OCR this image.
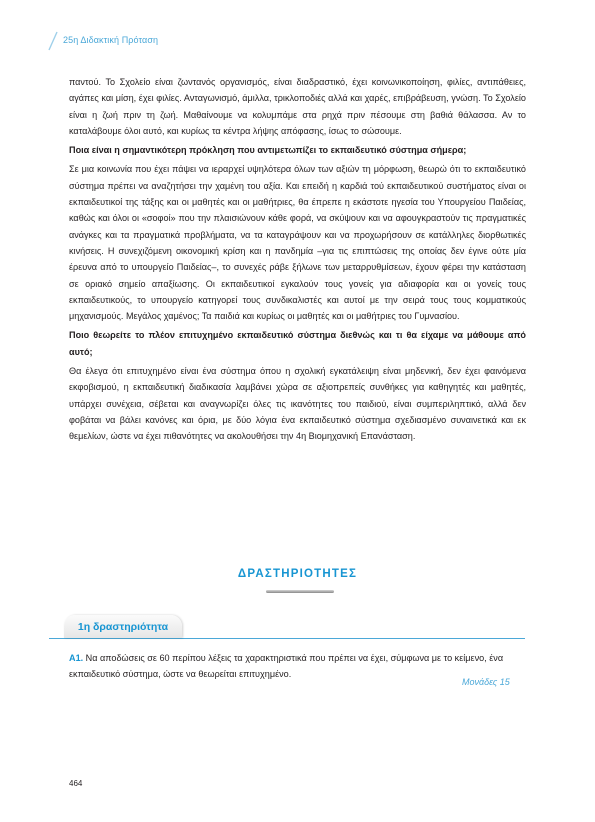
25η Διδακτική Πρόταση

παντού. Το Σχολείο είναι ζωντανός οργανισμός, είναι διαδραστικό, έχει κοινωνικοποίηση, φιλίες, αντιπάθειες, αγάπες και μίση, έχει φιλίες. Ανταγωνισμό, άμιλλα, τρικλοποδιές αλλά και χαρές, επιβράβευση, γνώση. Το Σχολείο είναι η ζωή πριν τη ζωή. Μαθαίνουμε να κολυμπάμε στα ρηχά πριν πέσουμε στη βαθιά θάλασσα. Αν το καταλάβουμε όλοι αυτό, και κυρίως τα κέντρα λήψης απόφασης, ίσως το σώσουμε.

Ποια είναι η σημαντικότερη πρόκληση που αντιμετωπίζει το εκπαιδευτικό σύστημα σήμερα;

Σε μια κοινωνία που έχει πάψει να ιεραρχεί υψηλότερα όλων των αξιών τη μόρφωση, θεωρώ ότι το εκπαιδευτικό σύστημα πρέπει να αναζητήσει την χαμένη του αξία. Και επειδή η καρδιά τού εκπαιδευτικού συστήματος είναι οι εκπαιδευτικοί της τάξης και οι μαθητές και οι μαθήτριες, θα έπρεπε η εκάστοτε ηγεσία του Υπουργείου Παιδείας, καθώς και όλοι οι «σοφοί» που την πλαισιώνουν κάθε φορά, να σκύψουν και να αφουγκραστούν τις πραγματικές ανάγκες και τα πραγματικά προβλήματα, να τα καταγράψουν και να προχωρήσουν σε κατάλληλες διορθωτικές κινήσεις. Η συνεχιζόμενη οικονομική κρίση και η πανδημία –για τις επιπτώσεις της οποίας δεν έγινε ούτε μία έρευνα από το υπουργείο Παιδείας–, το συνεχές ράβε ξήλωνε των μεταρρυθμίσεων, έχουν φέρει την κατάσταση σε οριακό σημείο απαξίωσης. Οι εκπαιδευτικοί εγκαλούν τους γονείς για αδιαφορία και οι γονείς τους εκπαιδευτικούς, το υπουργείο κατηγορεί τους συνδικαλιστές και αυτοί με την σειρά τους τους κομματικούς μηχανισμούς. Μεγάλος χαμένος; Τα παιδιά και κυρίως οι μαθητές και οι μαθήτριες του Γυμνασίου.

Ποιο θεωρείτε το πλέον επιτυχημένο εκπαιδευτικό σύστημα διεθνώς και τι θα είχαμε να μάθουμε από αυτό;

Θα έλεγα ότι επιτυχημένο είναι ένα σύστημα όπου η σχολική εγκατάλειψη είναι μηδενική, δεν έχει φαινόμενα εκφοβισμού, η εκπαιδευτική διαδικασία λαμβάνει χώρα σε αξιοπρεπείς συνθήκες για καθηγητές και μαθητές, υπάρχει συνέχεια, σέβεται και αναγνωρίζει όλες τις ικανότητες του παιδιού, είναι συμπεριληπτικό, αλλά δεν φοβάται να βάλει κανόνες και όρια, με δύο λόγια ένα εκπαιδευτικό σύστημα σχεδιασμένο συναινετικά και εκ θεμελίων, ώστε να έχει πιθανότητες να ακολουθήσει την 4η Βιομηχανική Επανάσταση.

ΔΡΑΣΤΗΡΙΟΤΗΤΕΣ
1η δραστηριότητα
Α1. Να αποδώσεις σε 60 περίπου λέξεις τα χαρακτηριστικά που πρέπει να έχει, σύμφωνα με το κείμενο, ένα εκπαιδευτικό σύστημα, ώστε να θεωρείται επιτυχημένο.
Μονάδες 15
464
